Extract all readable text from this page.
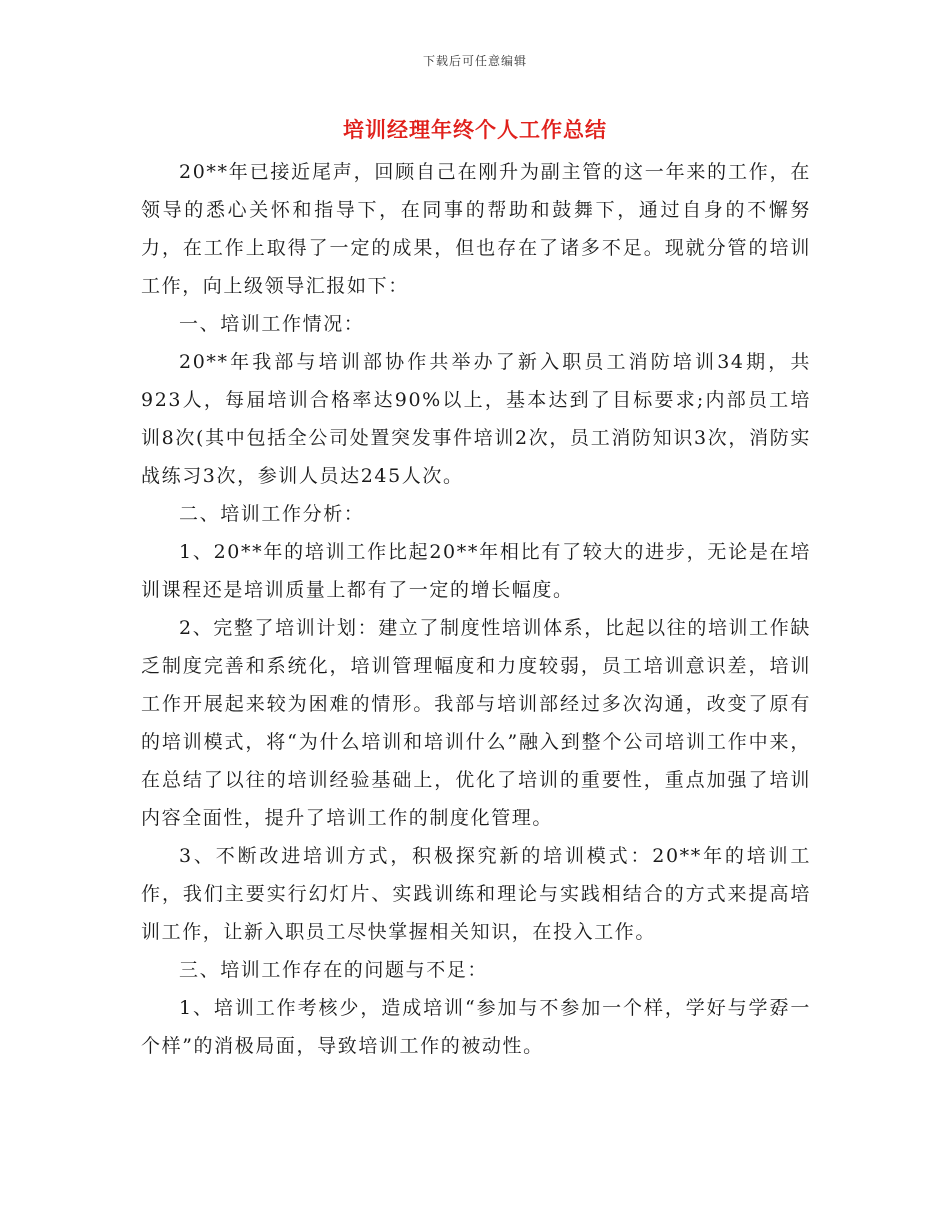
下载后可任意编辑
培训经理年终个人工作总结

20**年已接近尾声，回顾自己在刚升为副主管的这一年来的工作，在领导的悉心关怀和指导下，在同事的帮助和鼓舞下，通过自身的不懈努力，在工作上取得了一定的成果，但也存在了诸多不足。现就分管的培训工作，向上级领导汇报如下：

一、培训工作情况：

20**年我部与培训部协作共举办了新入职员工消防培训34期，共923人，每届培训合格率达90%以上，基本达到了目标要求;内部员工培训8次(其中包括全公司处置突发事件培训2次，员工消防知识3次，消防实战练习3次，参训人员达245人次。

二、培训工作分析：

1、20**年的培训工作比起20**年相比有了较大的进步，无论是在培训课程还是培训质量上都有了一定的增长幅度。

2、完整了培训计划：建立了制度性培训体系，比起以往的培训工作缺乏制度完善和系统化，培训管理幅度和力度较弱，员工培训意识差，培训工作开展起来较为困难的情形。我部与培训部经过多次沟通，改变了原有的培训模式，将“为什么培训和培训什么”融入到整个公司培训工作中来，在总结了以往的培训经验基础上，优化了培训的重要性，重点加强了培训内容全面性，提升了培训工作的制度化管理。

3、不断改进培训方式，积极探究新的培训模式：20**年的培训工作，我们主要实行幻灯片、实践训练和理论与实践相结合的方式来提高培训工作，让新入职员工尽快掌握相关知识，在投入工作。

三、培训工作存在的问题与不足：

1、培训工作考核少，造成培训“参加与不参加一个样，学好与学孬一个样”的消极局面，导致培训工作的被动性。
